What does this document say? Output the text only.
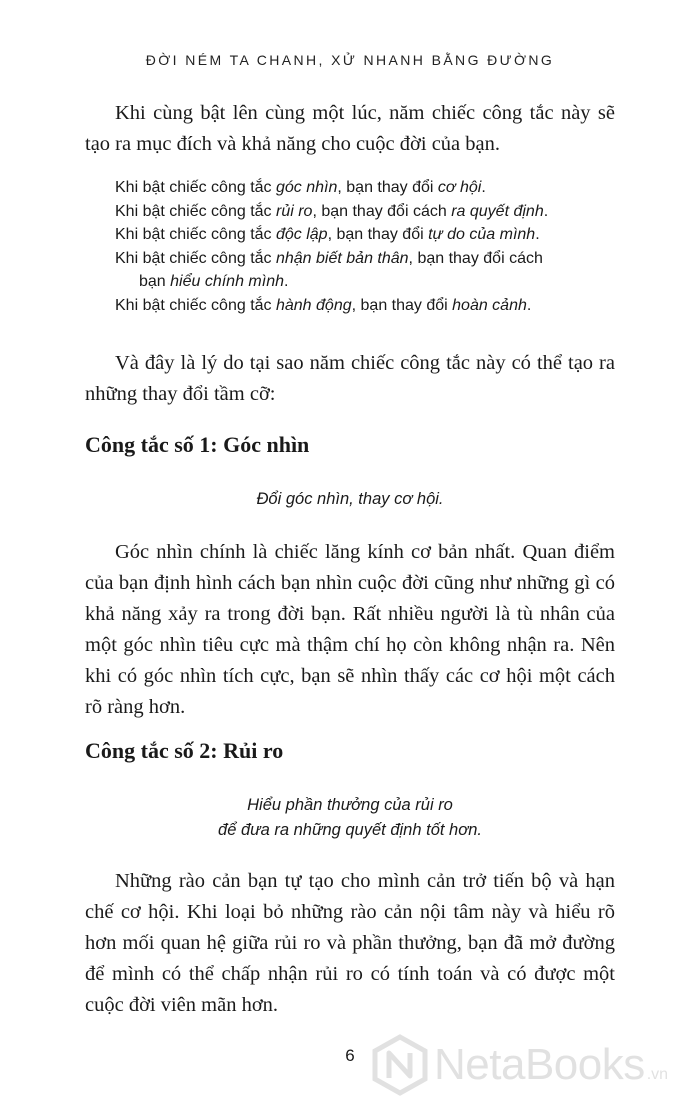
ĐỜI NÉM TA CHANH, XỬ NHANH BẰNG ĐƯỜNG

Khi cùng bật lên cùng một lúc, năm chiếc công tắc này sẽ tạo ra mục đích và khả năng cho cuộc đời của bạn.

Khi bật chiếc công tắc góc nhìn, bạn thay đổi cơ hội.
Khi bật chiếc công tắc rủi ro, bạn thay đổi cách ra quyết định.
Khi bật chiếc công tắc độc lập, bạn thay đổi tự do của mình.
Khi bật chiếc công tắc nhận biết bản thân, bạn thay đổi cách
bạn hiểu chính mình.
Khi bật chiếc công tắc hành động, bạn thay đổi hoàn cảnh.

Và đây là lý do tại sao năm chiếc công tắc này có thể tạo ra những thay đổi tầm cỡ:

Công tắc số 1: Góc nhìn

Đổi góc nhìn, thay cơ hội.

Góc nhìn chính là chiếc lăng kính cơ bản nhất. Quan điểm của bạn định hình cách bạn nhìn cuộc đời cũng như những gì có khả năng xảy ra trong đời bạn. Rất nhiều người là tù nhân của một góc nhìn tiêu cực mà thậm chí họ còn không nhận ra. Nên khi có góc nhìn tích cực, bạn sẽ nhìn thấy các cơ hội một cách rõ ràng hơn.

Công tắc số 2: Rủi ro

Hiểu phần thưởng của rủi ro
để đưa ra những quyết định tốt hơn.

Những rào cản bạn tự tạo cho mình cản trở tiến bộ và hạn chế cơ hội. Khi loại bỏ những rào cản nội tâm này và hiểu rõ hơn mối quan hệ giữa rủi ro và phần thưởng, bạn đã mở đường để mình có thể chấp nhận rủi ro có tính toán và có được một cuộc đời viên mãn hơn.

6	NetaBooks .vn
